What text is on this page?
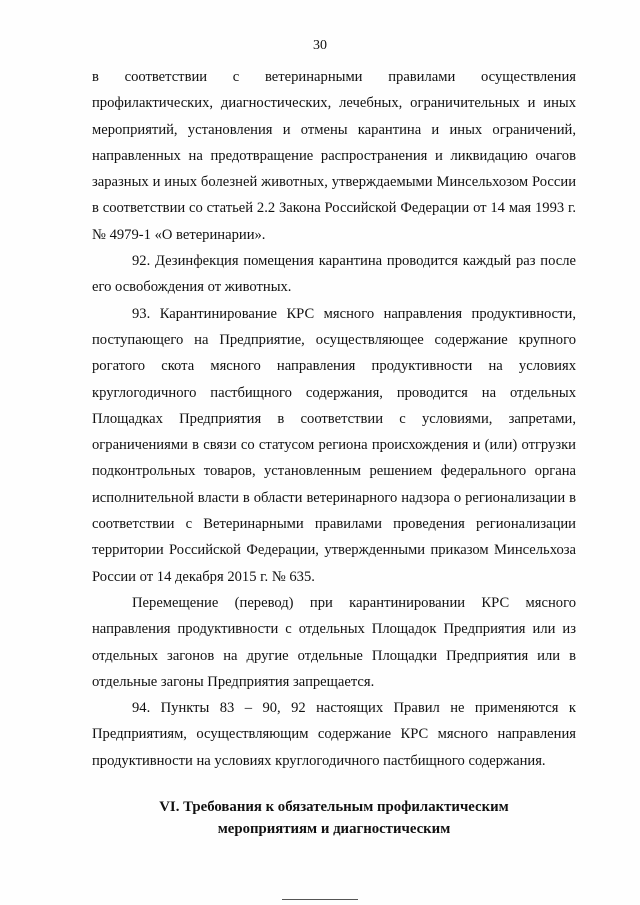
30

в соответствии с ветеринарными правилами осуществления профилактических, диагностических, лечебных, ограничительных и иных мероприятий, установления и отмены карантина и иных ограничений, направленных на предотвращение распространения и ликвидацию очагов заразных и иных болезней животных, утверждаемыми Минсельхозом России в соответствии со статьей 2.2 Закона Российской Федерации от 14 мая 1993 г. № 4979-1 «О ветеринарии».

92. Дезинфекция помещения карантина проводится каждый раз после его освобождения от животных.

93. Карантинирование КРС мясного направления продуктивности, поступающего на Предприятие, осуществляющее содержание крупного рогатого скота мясного направления продуктивности на условиях круглогодичного пастбищного содержания, проводится на отдельных Площадках Предприятия в соответствии с условиями, запретами, ограничениями в связи со статусом региона происхождения и (или) отгрузки подконтрольных товаров, установленным решением федерального органа исполнительной власти в области ветеринарного надзора о регионализации в соответствии с Ветеринарными правилами проведения регионализации территории Российской Федерации, утвержденными приказом Минсельхоза России от 14 декабря 2015 г. № 635.

Перемещение (перевод) при карантинировании КРС мясного направления продуктивности с отдельных Площадок Предприятия или из отдельных загонов на другие отдельные Площадки Предприятия или в отдельные загоны Предприятия запрещается.

94. Пункты 83 – 90, 92 настоящих Правил не применяются к Предприятиям, осуществляющим содержание КРС мясного направления продуктивности на условиях круглогодичного пастбищного содержания.

VI. Требования к обязательным профилактическим
мероприятиям и диагностическим
